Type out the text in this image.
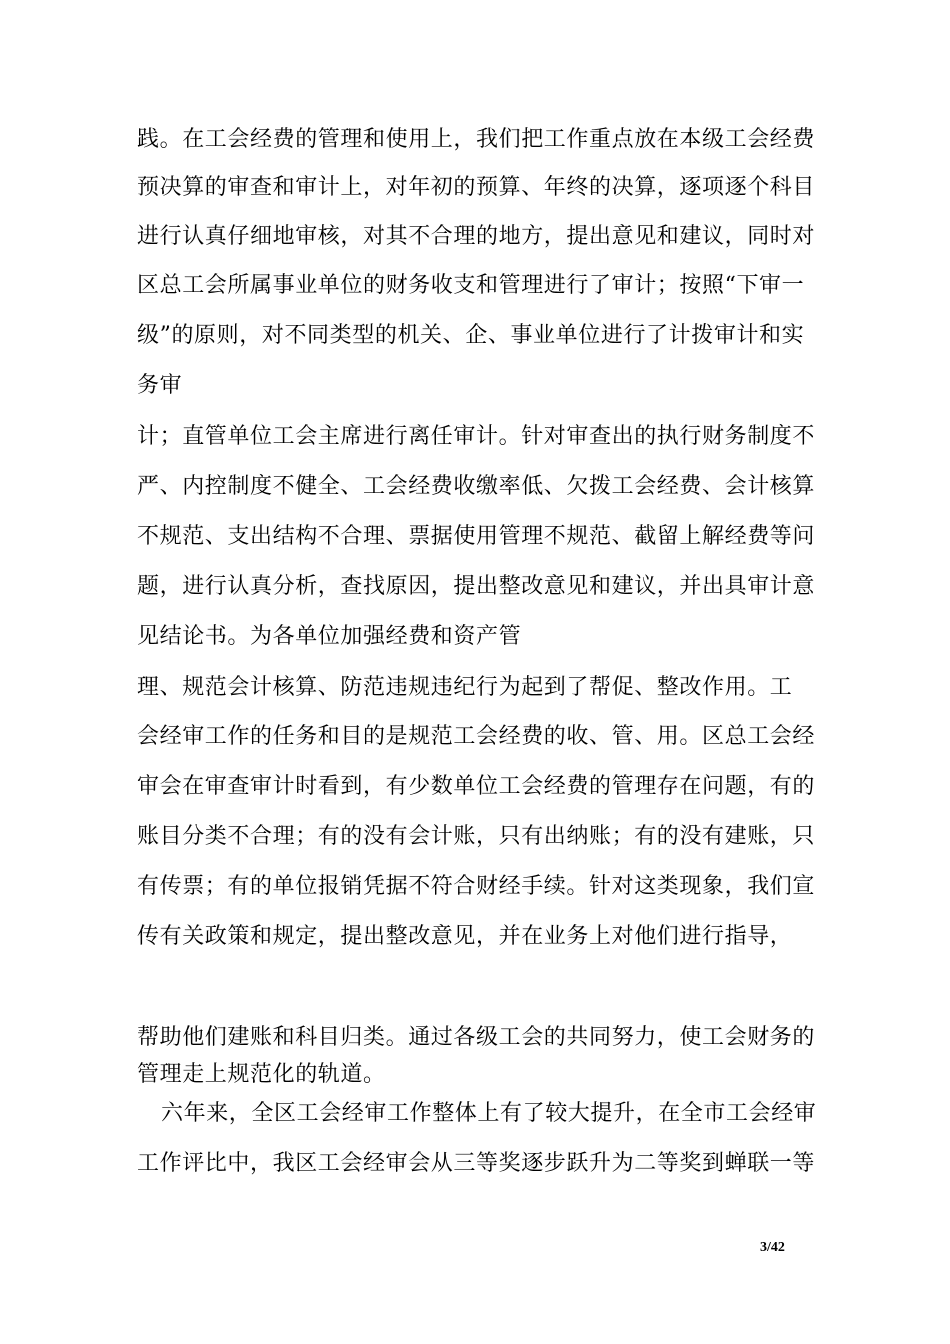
践。在工会经费的管理和使用上，我们把工作重点放在本级工会经费
预决算的审查和审计上，对年初的预算、年终的决算，逐项逐个科目
进行认真仔细地审核，对其不合理的地方，提出意见和建议，同时对
区总工会所属事业单位的财务收支和管理进行了审计；按照“下审一
级”的原则，对不同类型的机关、企、事业单位进行了计拨审计和实
务审
计；直管单位工会主席进行离任审计。针对审查出的执行财务制度不
严、内控制度不健全、工会经费收缴率低、欠拨工会经费、会计核算
不规范、支出结构不合理、票据使用管理不规范、截留上解经费等问
题，进行认真分析，查找原因，提出整改意见和建议，并出具审计意
见结论书。为各单位加强经费和资产管
理、规范会计核算、防范违规违纪行为起到了帮促、整改作用。工
会经审工作的任务和目的是规范工会经费的收、管、用。区总工会经
审会在审查审计时看到，有少数单位工会经费的管理存在问题，有的
账目分类不合理；有的没有会计账，只有出纳账；有的没有建账，只
有传票；有的单位报销凭据不符合财经手续。针对这类现象，我们宣
传有关政策和规定，提出整改意见，并在业务上对他们进行指导，
帮助他们建账和科目归类。通过各级工会的共同努力，使工会财务的
管理走上规范化的轨道。
六年来，全区工会经审工作整体上有了较大提升，在全市工会经审
工作评比中，我区工会经审会从三等奖逐步跃升为二等奖到蝉联一等
3/42
